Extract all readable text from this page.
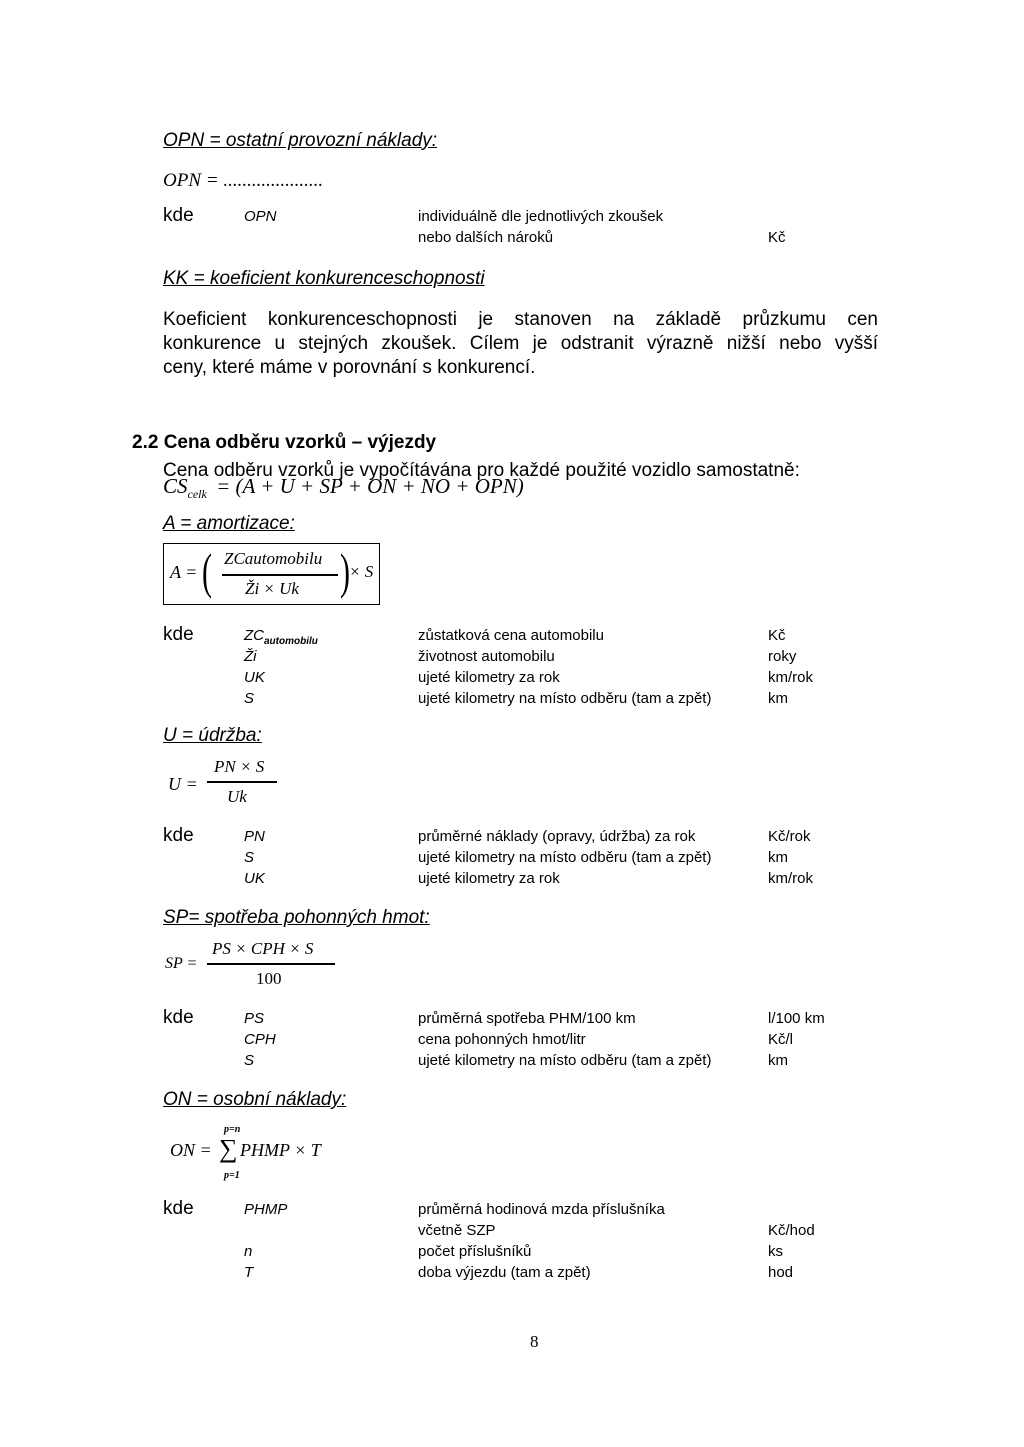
OPN = ostatní provozní náklady:
OPN = .....................
kde	OPN	individuálně dle jednotlivých zkoušek
nebo dalších nároků	Kč
KK = koeficient konkurenceschopnosti
Koeficient konkurenceschopnosti je stanoven na základě průzkumu cen
konkurence u stejných zkoušek. Cílem je odstranit výrazně nižší nebo vyšší
ceny, které máme v porovnání s konkurencí.
2.2 Cena odběru vzorků – výjezdy
Cena odběru vzorků je vypočítávána pro každé použité vozidlo samostatně:
$CS_{celk} = (A + U$ + SP + ON + NO + OPN)
A = amortizace:
A = ( ZCautomobilu
Ži × Uk ) × S
kde	$ZC_{automobilu}$	zůstatková cena automobilu	Kč
Ži	životnost automobilu	roky
UK	ujeté kilometry za rok	km/rok
S	ujeté kilometry na místo odběru (tam a zpět)	km
U = údržba:
U =
PN × S
Uk
kde	PN	průměrné náklady (opravy, údržba) za rok	Kč/rok
S	ujeté kilometry na místo odběru (tam a zpět)	km
UK	ujeté kilometry za rok	km/rok
SP= spotřeba pohonných hmot:
SP =
PS × CPH × S
100
kde	PS	průměrná spotřeba PHM/100 km	l/100 km
CPH	cena pohonných hmot/litr	Kč/l
S	ujeté kilometry na místo odběru (tam a zpět)	km
ON = osobní náklady:
ON =
p=n
∑
p=1
PHMP × T
kde	PHMP	průměrná hodinová mzda příslušníka
včetně SZP	Kč/hod
n	počet příslušníků	ks
T	doba výjezdu (tam a zpět)	hod
8
